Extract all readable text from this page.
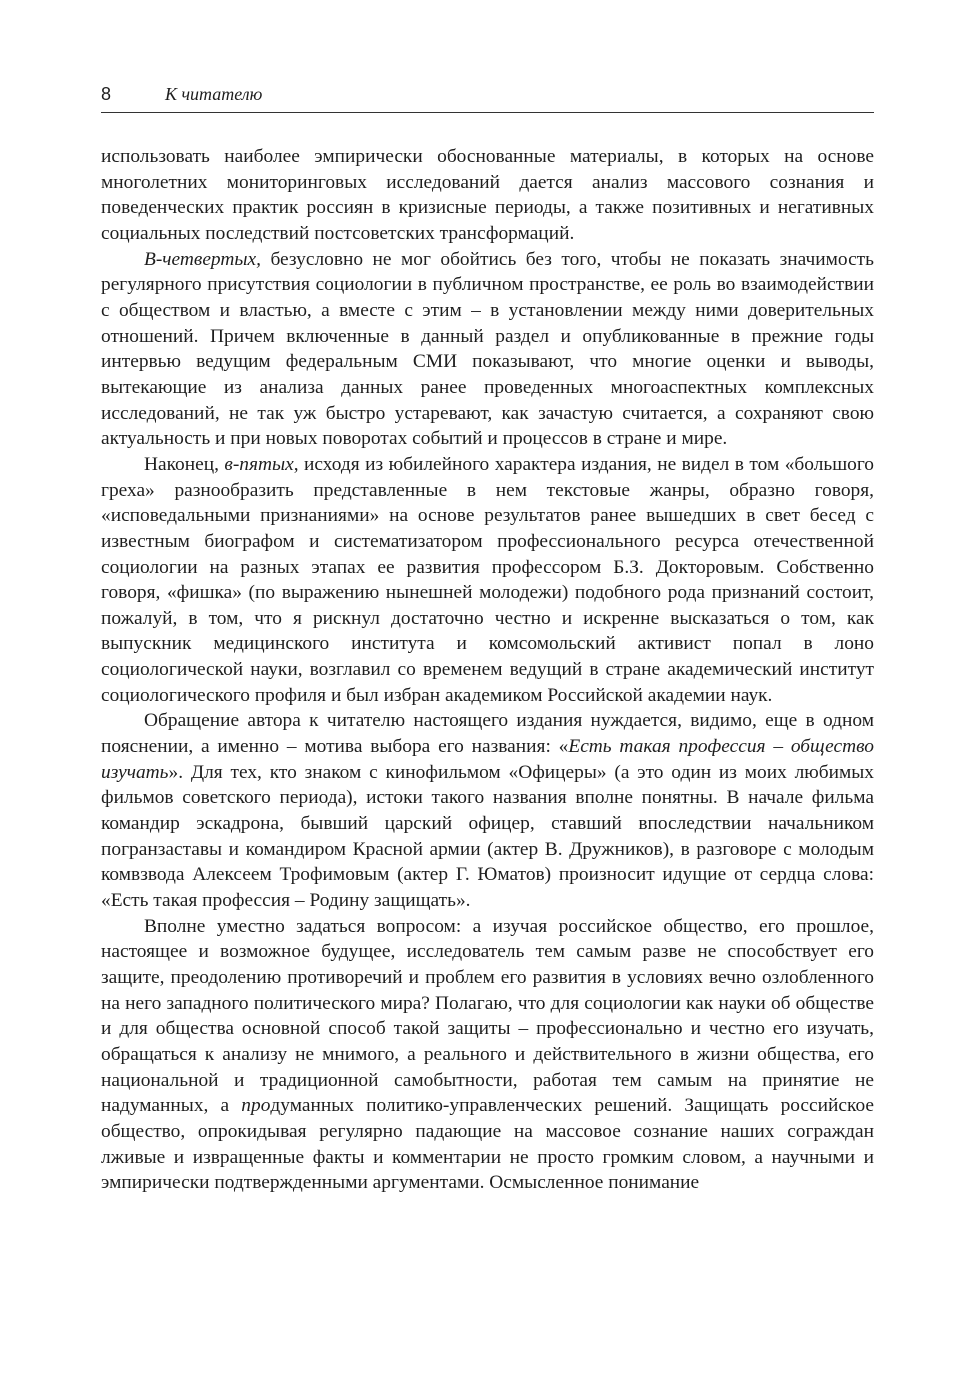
8	К читателю

использовать наиболее эмпирически обоснованные материалы, в которых на основе многолетних мониторинговых исследований дается анализ массового сознания и поведенческих практик россиян в кризисные периоды, а также позитивных и негативных социальных последствий постсоветских трансформаций.

В-четвертых, безусловно не мог обойтись без того, чтобы не показать значимость регулярного присутствия социологии в публичном пространстве, ее роль во взаимодействии с обществом и властью, а вместе с этим – в установлении между ними доверительных отношений. Причем включенные в данный раздел и опубликованные в прежние годы интервью ведущим федеральным СМИ показывают, что многие оценки и выводы, вытекающие из анализа данных ранее проведенных многоаспектных комплексных исследований, не так уж быстро устаревают, как зачастую считается, а сохраняют свою актуальность и при новых поворотах событий и процессов в стране и мире.

Наконец, в-пятых, исходя из юбилейного характера издания, не видел в том «большого греха» разнообразить представленные в нем текстовые жанры, образно говоря, «исповедальными признаниями» на основе результатов ранее вышедших в свет бесед с известным биографом и систематизатором профессионального ресурса отечественной социологии на разных этапах ее развития профессором Б.З. Докторовым. Собственно говоря, «фишка» (по выражению нынешней молодежи) подобного рода признаний состоит, пожалуй, в том, что я рискнул достаточно честно и искренне высказаться о том, как выпускник медицинского института и комсомольский активист попал в лоно социологической науки, возглавил со временем ведущий в стране академический институт социологического профиля и был избран академиком Российской академии наук.

Обращение автора к читателю настоящего издания нуждается, видимо, еще в одном пояснении, а именно – мотива выбора его названия: «Есть такая профессия – общество изучать». Для тех, кто знаком с кинофильмом «Офицеры» (а это один из моих любимых фильмов советского периода), истоки такого названия вполне понятны. В начале фильма командир эскадрона, бывший царский офицер, ставший впоследствии начальником погранзаставы и командиром Красной армии (актер В. Дружников), в разговоре с молодым комвзвода Алексеем Трофимовым (актер Г. Юматов) произносит идущие от сердца слова: «Есть такая профессия – Родину защищать».

Вполне уместно задаться вопросом: а изучая российское общество, его прошлое, настоящее и возможное будущее, исследователь тем самым разве не способствует его защите, преодолению противоречий и проблем его развития в условиях вечно озлобленного на него западного политического мира? Полагаю, что для социологии как науки об обществе и для общества основной способ такой защиты – профессионально и честно его изучать, обращаться к анализу не мнимого, а реального и действительного в жизни общества, его национальной и традиционной самобытности, работая тем самым на принятие не надуманных, а продуманных политико-управленческих решений. Защищать российское общество, опрокидывая регулярно падающие на массовое сознание наших сограждан лживые и извращенные факты и комментарии не просто громким словом, а научными и эмпирически подтвержденными аргументами. Осмысленное понимание
